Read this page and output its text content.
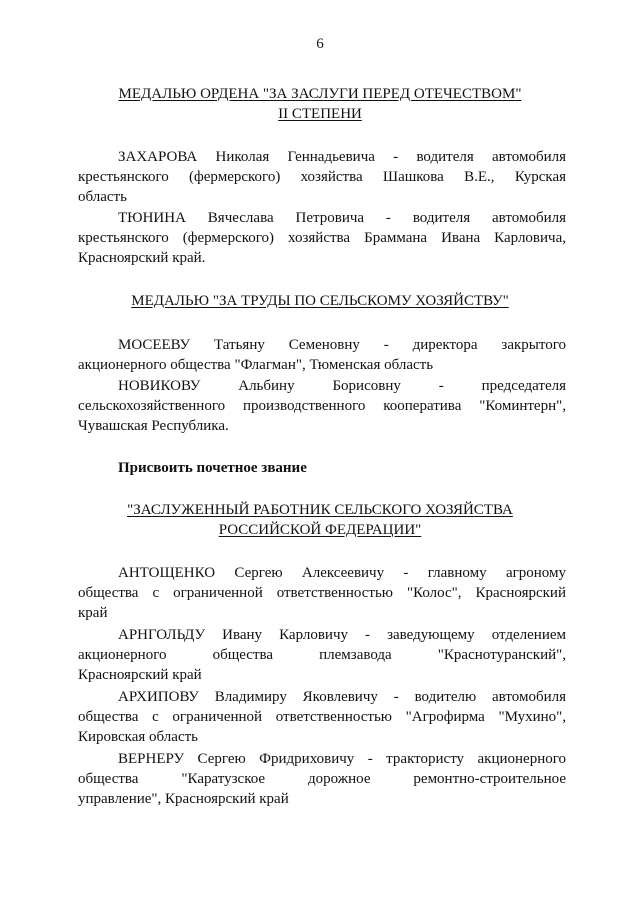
6
МЕДАЛЬЮ ОРДЕНА "ЗА ЗАСЛУГИ ПЕРЕД ОТЕЧЕСТВОМ"
II СТЕПЕНИ
ЗАХАРОВА Николая Геннадьевича - водителя автомобиля
крестьянского (фермерского) хозяйства Шашкова В.Е., Курская
область
ТЮНИНА Вячеслава Петровича - водителя автомобиля
крестьянского (фермерского) хозяйства Браммана Ивана Карловича,
Красноярский край.
МЕДАЛЬЮ "ЗА ТРУДЫ ПО СЕЛЬСКОМУ ХОЗЯЙСТВУ"
МОСЕЕВУ Татьяну Семеновну - директора закрытого
акционерного общества "Флагман", Тюменская область
НОВИКОВУ Альбину Борисовну - председателя
сельскохозяйственного производственного кооператива "Коминтерн",
Чувашская Республика.
Присвоить почетное звание
"ЗАСЛУЖЕННЫЙ РАБОТНИК СЕЛЬСКОГО ХОЗЯЙСТВА
РОССИЙСКОЙ ФЕДЕРАЦИИ"
АНТОЩЕНКО Сергею Алексеевичу - главному агроному
общества с ограниченной ответственностью "Колос", Красноярский
край
АРНГОЛЬДУ Ивану Карловичу - заведующему отделением
акционерного общества племзавода "Краснотуранский",
Красноярский край
АРХИПОВУ Владимиру Яковлевичу - водителю автомобиля
общества с ограниченной ответственностью "Агрофирма "Мухино",
Кировская область
ВЕРНЕРУ Сергею Фридриховичу - трактористу акционерного
общества "Каратузское дорожное ремонтно-строительное
управление", Красноярский край
